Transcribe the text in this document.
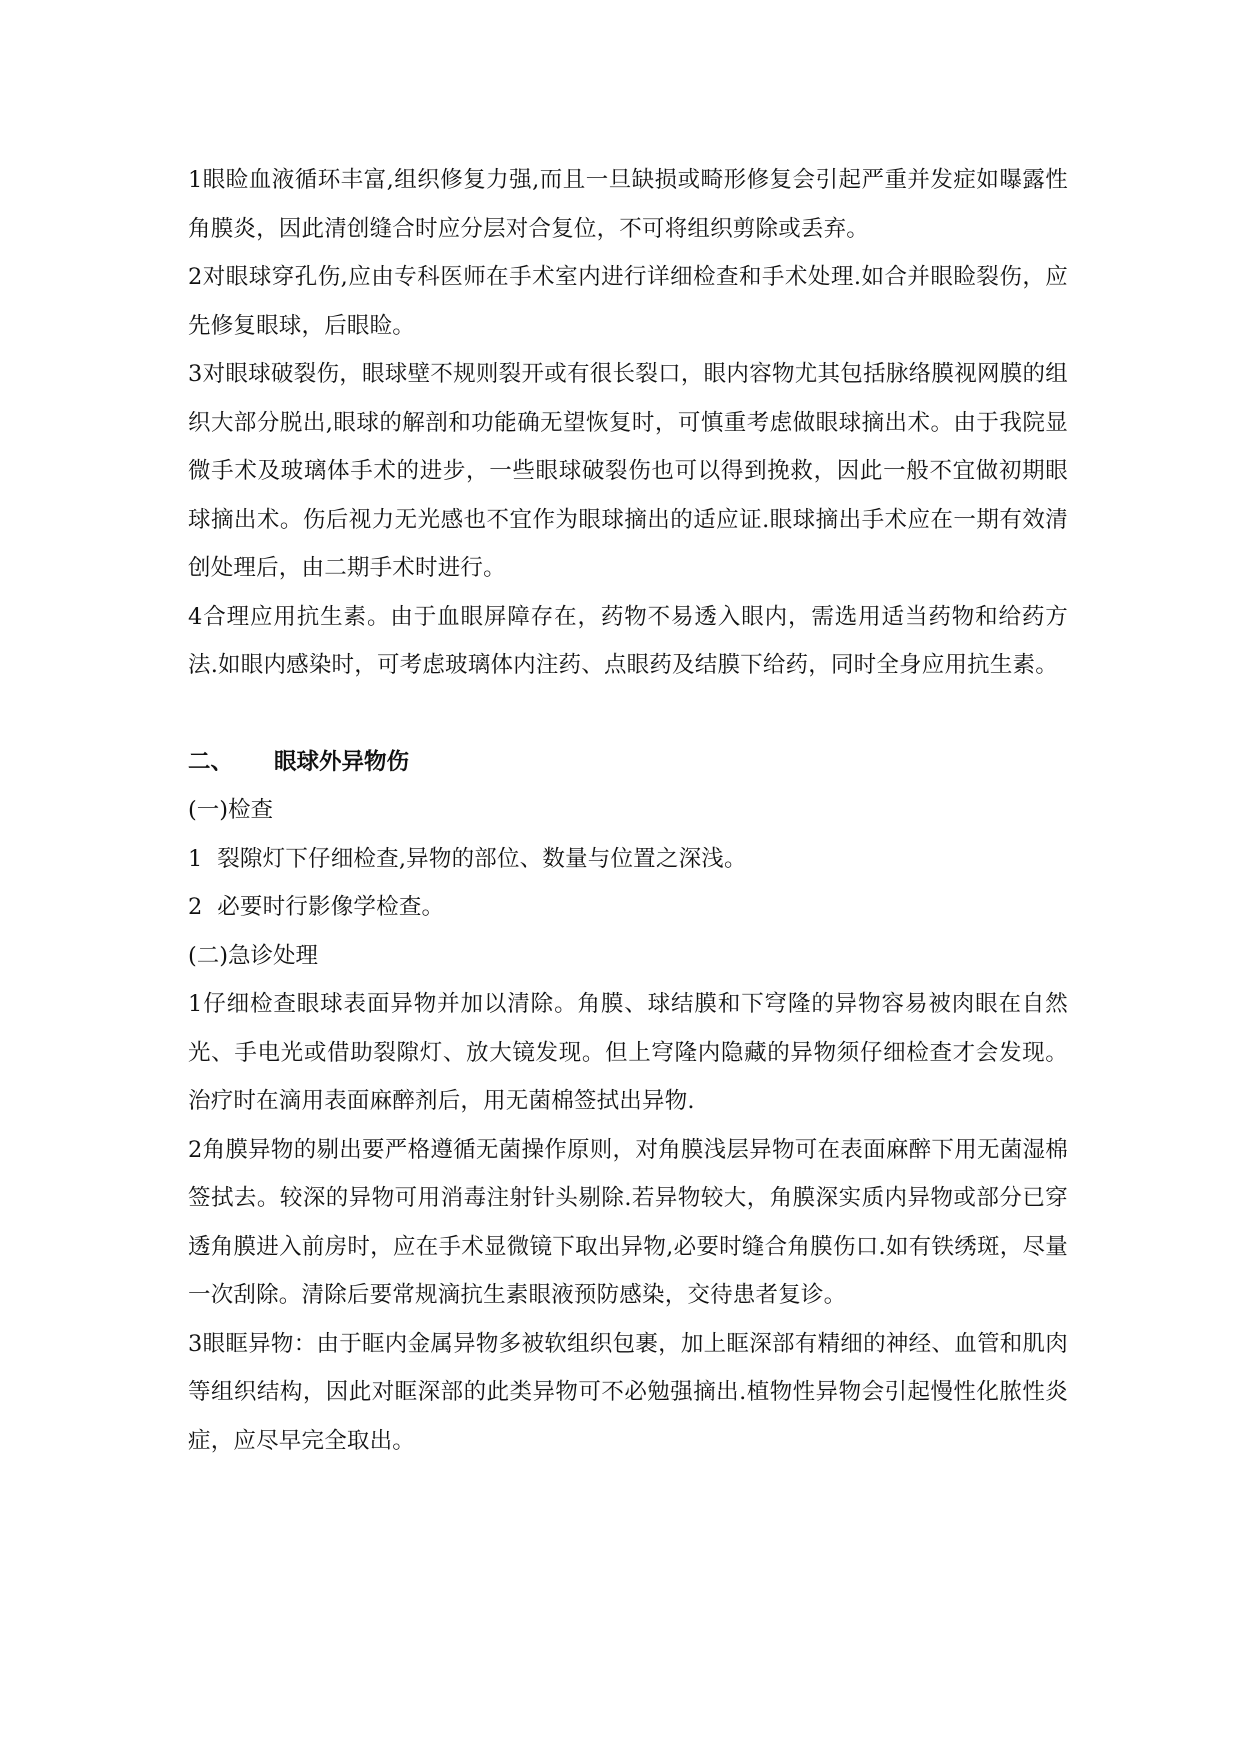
1眼睑血液循环丰富,组织修复力强,而且一旦缺损或畸形修复会引起严重并发症如曝露性角膜炎，因此清创缝合时应分层对合复位，不可将组织剪除或丢弃。

2对眼球穿孔伤,应由专科医师在手术室内进行详细检查和手术处理.如合并眼睑裂伤，应先修复眼球，后眼睑。

3对眼球破裂伤，眼球壁不规则裂开或有很长裂口，眼内容物尤其包括脉络膜视网膜的组织大部分脱出,眼球的解剖和功能确无望恢复时，可慎重考虑做眼球摘出术。由于我院显微手术及玻璃体手术的进步，一些眼球破裂伤也可以得到挽救，因此一般不宜做初期眼球摘出术。伤后视力无光感也不宜作为眼球摘出的适应证.眼球摘出手术应在一期有效清创处理后，由二期手术时进行。

4合理应用抗生素。由于血眼屏障存在，药物不易透入眼内，需选用适当药物和给药方法.如眼内感染时，可考虑玻璃体内注药、点眼药及结膜下给药，同时全身应用抗生素。

二、 眼球外异物伤

(一)检查

1  裂隙灯下仔细检查,异物的部位、数量与位置之深浅。

2  必要时行影像学检查。

(二)急诊处理

1仔细检查眼球表面异物并加以清除。角膜、球结膜和下穹隆的异物容易被肉眼在自然光、手电光或借助裂隙灯、放大镜发现。但上穹隆内隐藏的异物须仔细检查才会发现。治疗时在滴用表面麻醉剂后，用无菌棉签拭出异物.

2角膜异物的剔出要严格遵循无菌操作原则，对角膜浅层异物可在表面麻醉下用无菌湿棉签拭去。较深的异物可用消毒注射针头剔除.若异物较大，角膜深实质内异物或部分已穿透角膜进入前房时，应在手术显微镜下取出异物,必要时缝合角膜伤口.如有铁绣斑，尽量一次刮除。清除后要常规滴抗生素眼液预防感染，交待患者复诊。

3眼眶异物：由于眶内金属异物多被软组织包裹，加上眶深部有精细的神经、血管和肌肉等组织结构，因此对眶深部的此类异物可不必勉强摘出.植物性异物会引起慢性化脓性炎症，应尽早完全取出。
